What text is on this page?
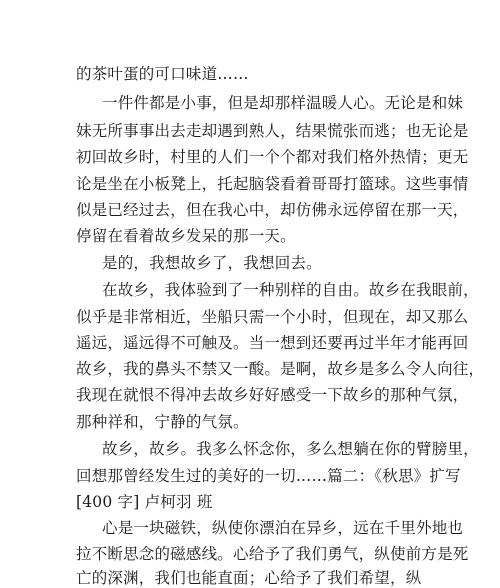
的茶叶蛋的可口味道……
一件件都是小事，但是却那样温暖人心。无论是和妹
妹无所事事出去走却遇到熟人，结果慌张而逃；也无论是
初回故乡时，村里的人们一个个都对我们格外热情；更无
论是坐在小板凳上，托起脑袋看着哥哥打篮球。这些事情
似是已经过去，但在我心中，却仿佛永远停留在那一天，
停留在看着故乡发呆的那一天。
是的，我想故乡了，我想回去。
在故乡，我体验到了一种别样的自由。故乡在我眼前，
似乎是非常相近，坐船只需一个小时，但现在，却又那么
遥远，遥远得不可触及。当一想到还要再过半年才能再回
故乡，我的鼻头不禁又一酸。是啊，故乡是多么令人向往，
我现在就恨不得冲去故乡好好感受一下故乡的那种气氛，
那种祥和，宁静的气氛。
故乡，故乡。我多么怀念你，多么想躺在你的臂膀里，
回想那曾经发生过的美好的一切……篇二：《秋思》扩写
[400 字] 卢柯羽 班
心是一块磁铁，纵使你漂泊在异乡，远在千里外地也
拉不断思念的磁感线。心给予了我们勇气，纵使前方是死
亡的深渊，我们也能直面；心给予了我们希望，纵
